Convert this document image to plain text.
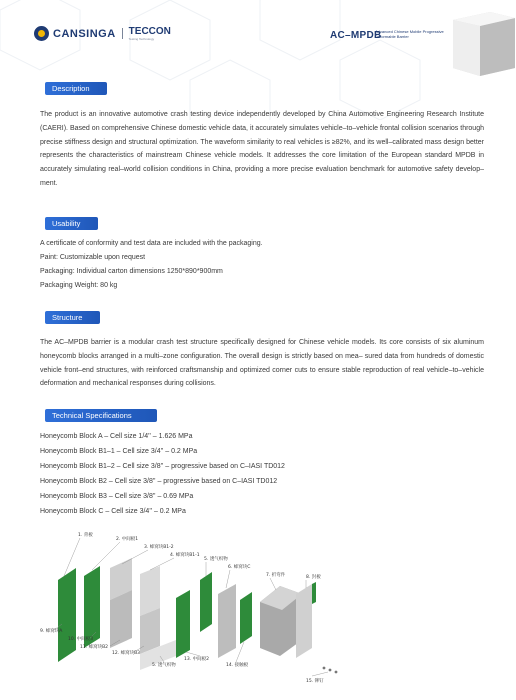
CANSINGA TECCON
Testing Technology	AC–MPDB
Advanced Chinese Mobile Progressive Deformable Barrier
Description
The product is an innovative automotive crash testing device independently developed by China Automotive Engineering Research Institute (CAERI). Based on comprehensive Chinese domestic vehicle data, it accurately simulates vehicle–to–vehicle frontal collision scenarios through precise stiffness design and structural optimization. The waveform similarity to real vehicles is ≥82%, and its well–calibrated mass design better represents the characteristics of mainstream Chinese vehicle models. It addresses the core limitation of the European standard MPDB in accurately simulating real–world collision conditions in China, providing a more precise evaluation benchmark for automotive safety develop– ment.
Usability
A certificate of conformity and test data are included with the packaging.
Paint: Customizable upon request
Packaging: Individual carton dimensions 1250*890*900mm
Packaging Weight: 80 kg
Structure
The AC–MPDB barrier is a modular crash test structure specifically designed for Chinese vehicle models. Its core consists of six aluminum honeycomb blocks arranged in a multi–zone configuration. The overall design is strictly based on mea– sured data from hundreds of domestic vehicle front–end structures, with reinforced craftsmanship and optimized corner cuts to ensure stable reproduction of real vehicle–to–vehicle deformation and mechanical responses during collisions.
Technical Specifications
Honeycomb Block A – Cell size 1/4'' – 1.626 MPa
Honeycomb Block B1–1 – Cell size 3/4'' – 0.2 MPa
Honeycomb Block B1–2 – Cell size 3/8'' – progressive based on C–IASI TD012
Honeycomb Block B2 – Cell size 3/8'' – progressive based on C–IASI TD012
Honeycomb Block B3 – Cell size 3/8'' – 0.69 MPa
Honeycomb Block C – Cell size 3/4'' – 0.2 MPa
1. 背板
2. 中间板1
3. 蜂窝块B1-2
4. 蜂窝块B1-1
5. 透气织物
6. 蜂窝块C
7. 折弯件	8. 封板
9. 蜂窝块A
10. 中间板3
11. 蜂窝块B2
12. 蜂窝块B3
5. 透气织物
13. 中间板2
14. 接触板
15. 铆钉
